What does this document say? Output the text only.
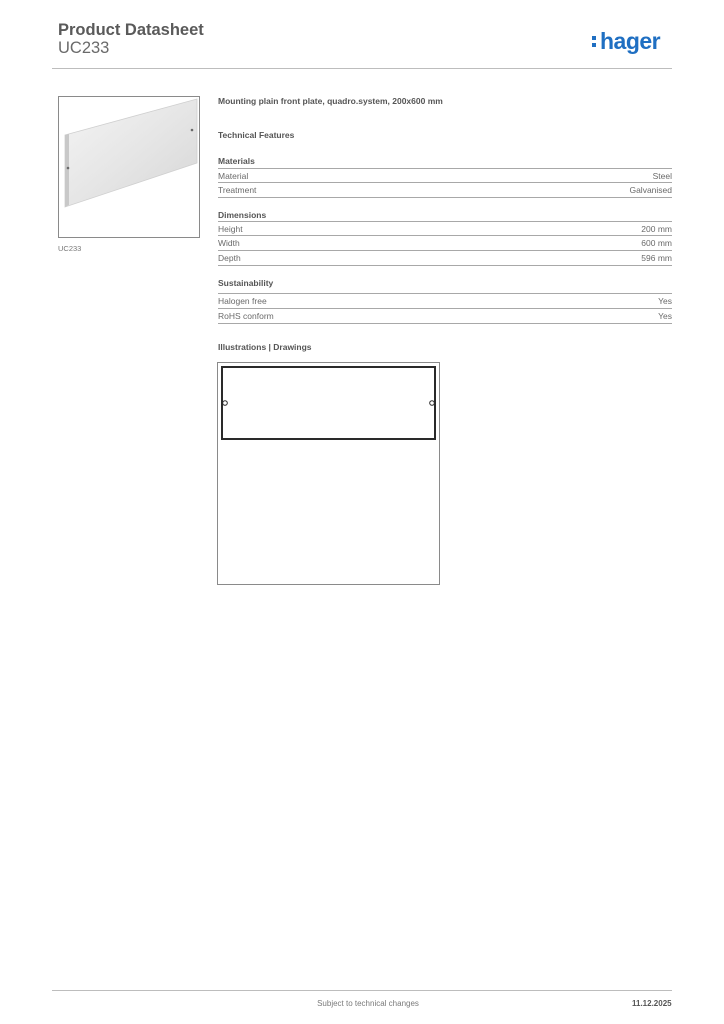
Product Datasheet
UC233	hager
UC233
Mounting plain front plate, quadro.system, 200x600 mm
Technical Features
Materials
Material	Steel
Treatment	Galvanised
Dimensions
Height	200 mm
Width	600 mm
Depth	596 mm
Sustainability
Halogen free	Yes
RoHS conform	Yes
Illustrations | Drawings
Subject to technical changes	11.12.2025
